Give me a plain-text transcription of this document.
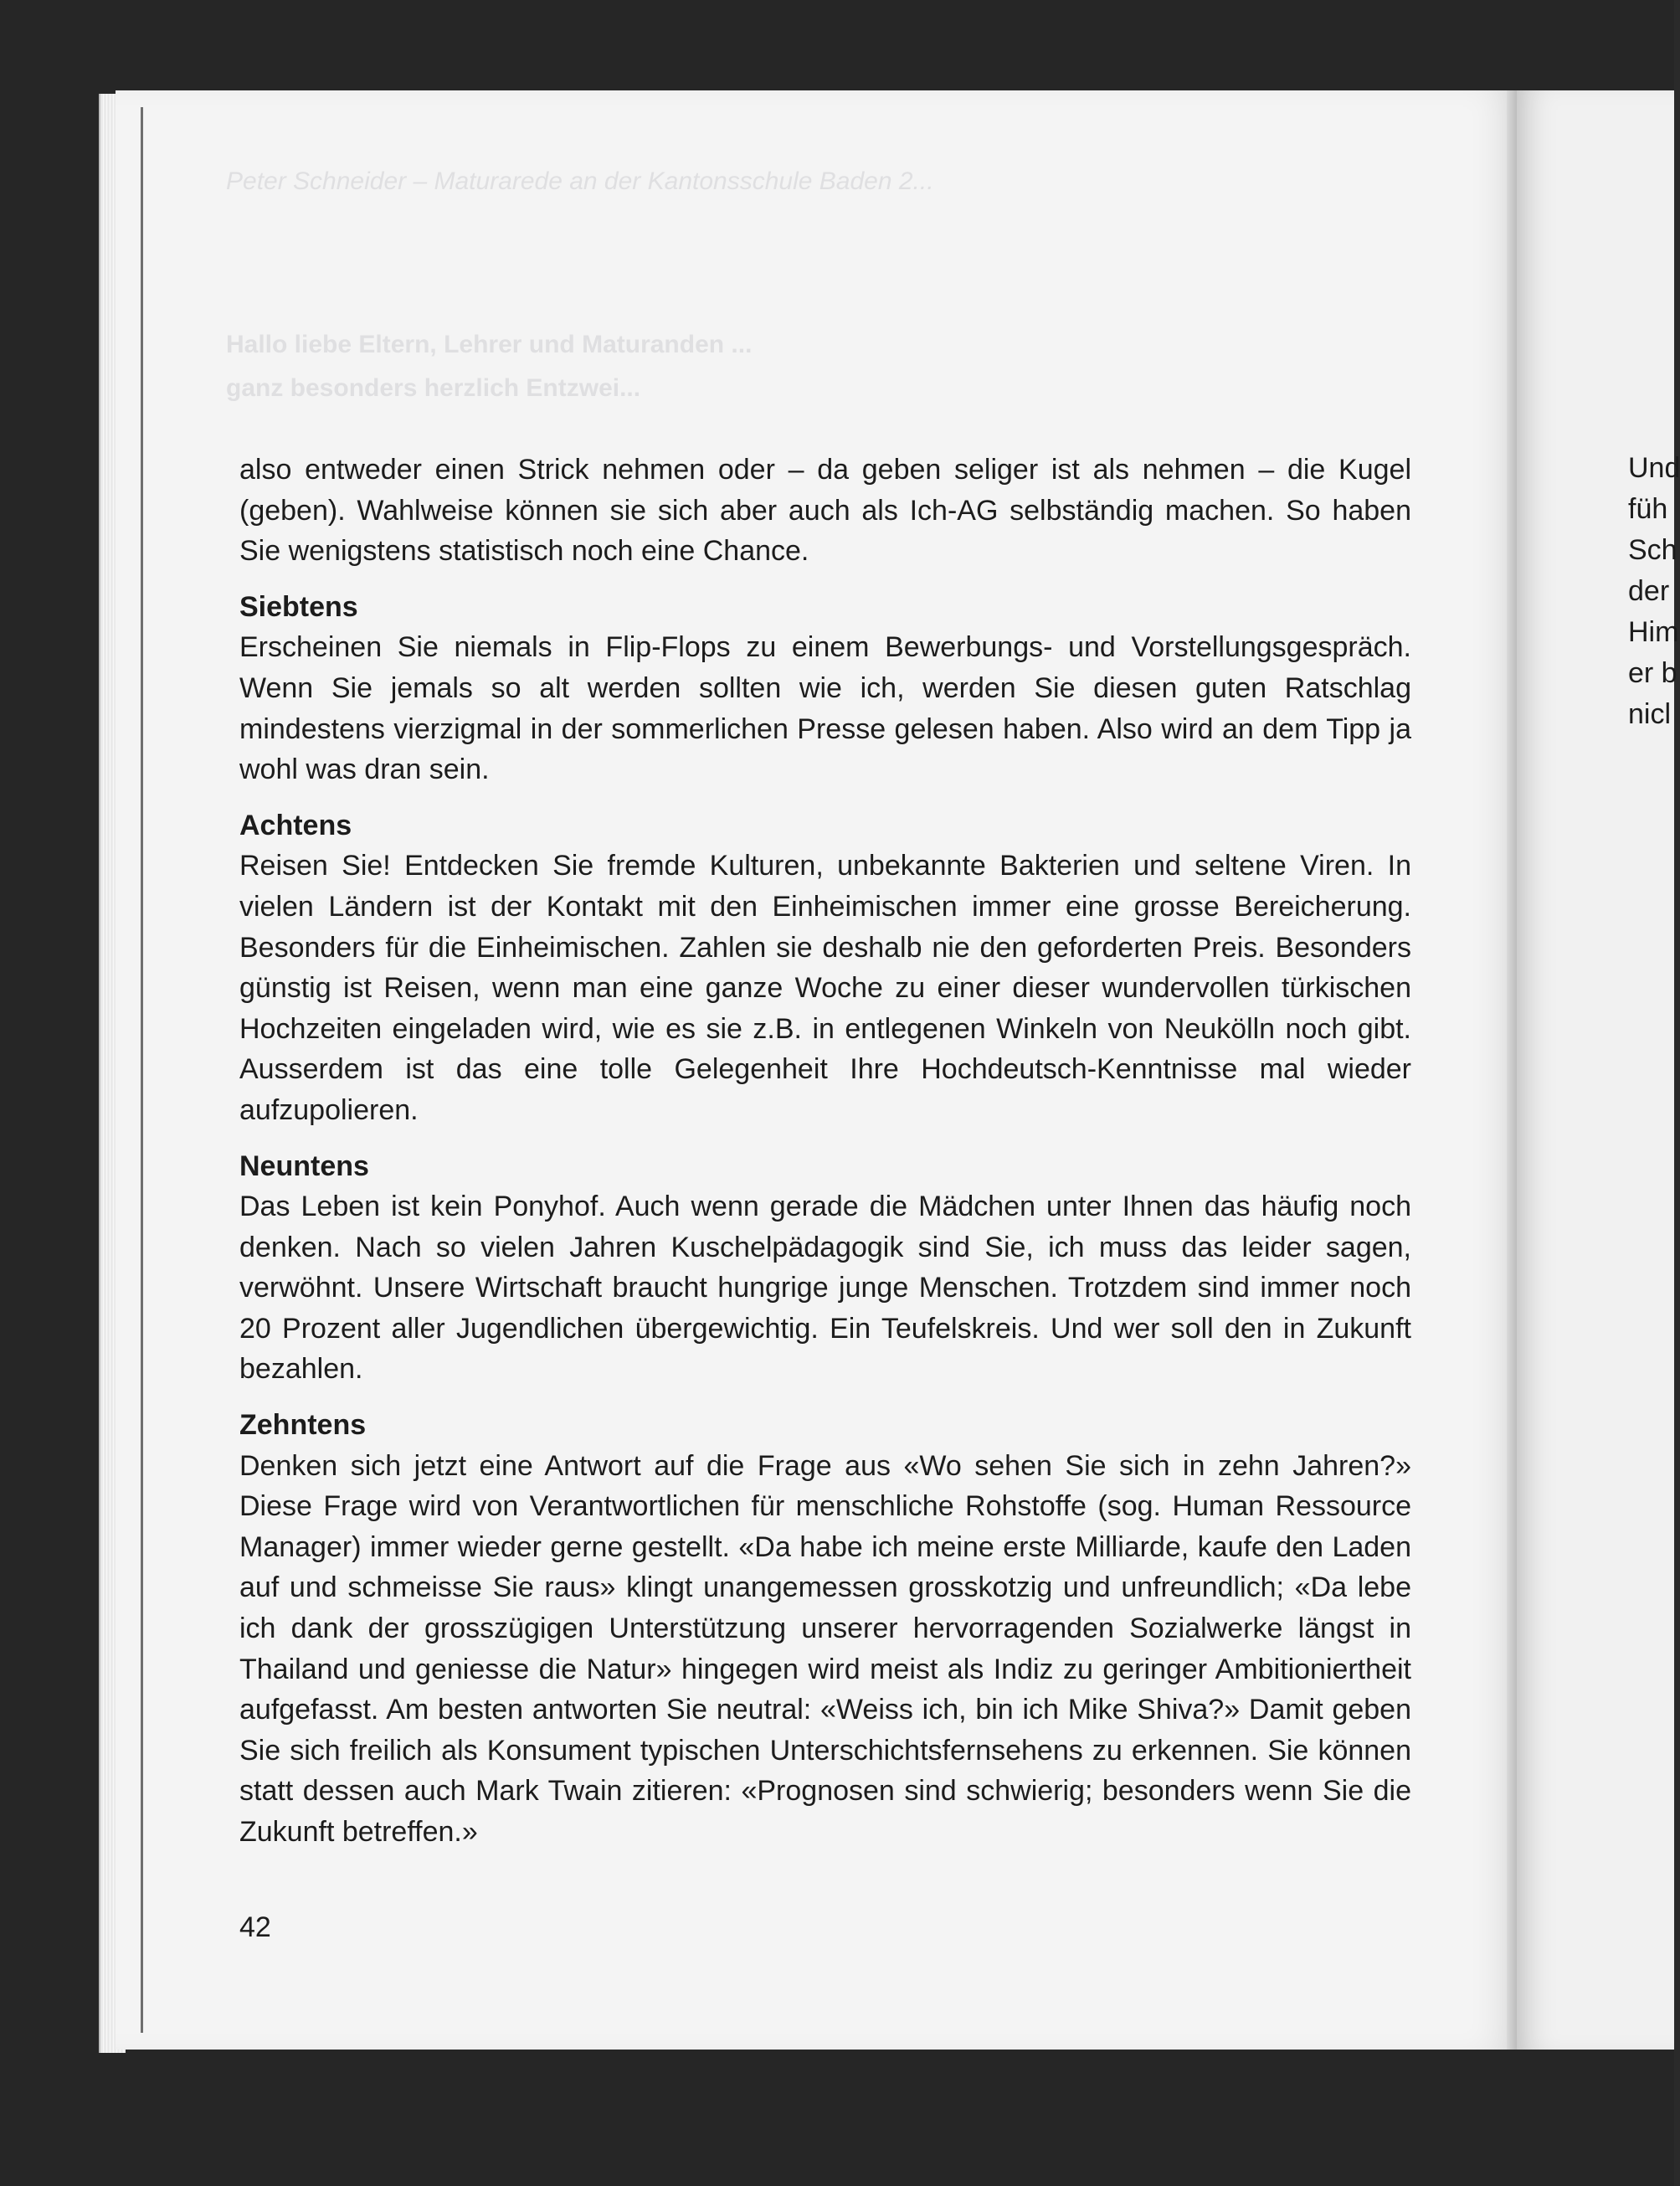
Peter Schneider – Maturarede an der Kantonsschule Baden 2...
Hallo liebe Eltern, Lehrer und Maturanden ...
ganz besonders herzlich Entzwei...

also entweder einen Strick nehmen oder – da geben seliger ist als nehmen – die Kugel (geben). Wahlweise können sie sich aber auch als Ich-AG selbständig machen. So haben Sie wenigstens statistisch noch eine Chance.

Siebtens

Erscheinen Sie niemals in Flip-Flops zu einem Bewerbungs- und Vorstellungsgespräch. Wenn Sie jemals so alt werden sollten wie ich, werden Sie diesen guten Ratschlag mindestens vierzigmal in der sommerlichen Presse gelesen haben. Also wird an dem Tipp ja wohl was dran sein.

Achtens

Reisen Sie! Entdecken Sie fremde Kulturen, unbekannte Bakterien und seltene Viren. In vielen Ländern ist der Kontakt mit den Einheimischen immer eine grosse Bereicherung. Besonders für die Einheimischen. Zahlen sie deshalb nie den geforderten Preis. Besonders günstig ist Reisen, wenn man eine ganze Woche zu einer dieser wundervollen türkischen Hochzeiten eingeladen wird, wie es sie z.B. in entlegenen Winkeln von Neukölln noch gibt. Ausserdem ist das eine tolle Gelegenheit Ihre Hochdeutsch-Kenntnisse mal wieder aufzupolieren.

Neuntens

Das Leben ist kein Ponyhof. Auch wenn gerade die Mädchen unter Ihnen das häufig noch denken. Nach so vielen Jahren Kuschelpädagogik sind Sie, ich muss das leider sagen, verwöhnt. Unsere Wirtschaft braucht hungrige junge Menschen. Trotzdem sind immer noch 20 Prozent aller Jugendlichen übergewichtig. Ein Teufelskreis. Und wer soll den in Zukunft bezahlen.

Zehntens

Denken sich jetzt eine Antwort auf die Frage aus «Wo sehen Sie sich in zehn Jahren?» Diese Frage wird von Verantwortlichen für menschliche Rohstoffe (sog. Human Ressource Manager) immer wieder gerne gestellt. «Da habe ich meine erste Milliarde, kaufe den Laden auf und schmeisse Sie raus» klingt unangemessen grosskotzig und unfreundlich; «Da lebe ich dank der grosszügigen Unterstützung unserer hervorragenden Sozialwerke längst in Thailand und geniesse die Natur» hingegen wird meist als Indiz zu geringer Ambitioniertheit aufgefasst. Am besten antworten Sie neutral: «Weiss ich, bin ich Mike Shiva?» Damit geben Sie sich freilich als Konsument typischen Unterschichtsfernsehens zu erkennen. Sie können statt dessen auch Mark Twain zitieren: «Prognosen sind schwierig; besonders wenn Sie die Zukunft betreffen.»

42
Und
füh
Sch
der
Him
er b
nicl
